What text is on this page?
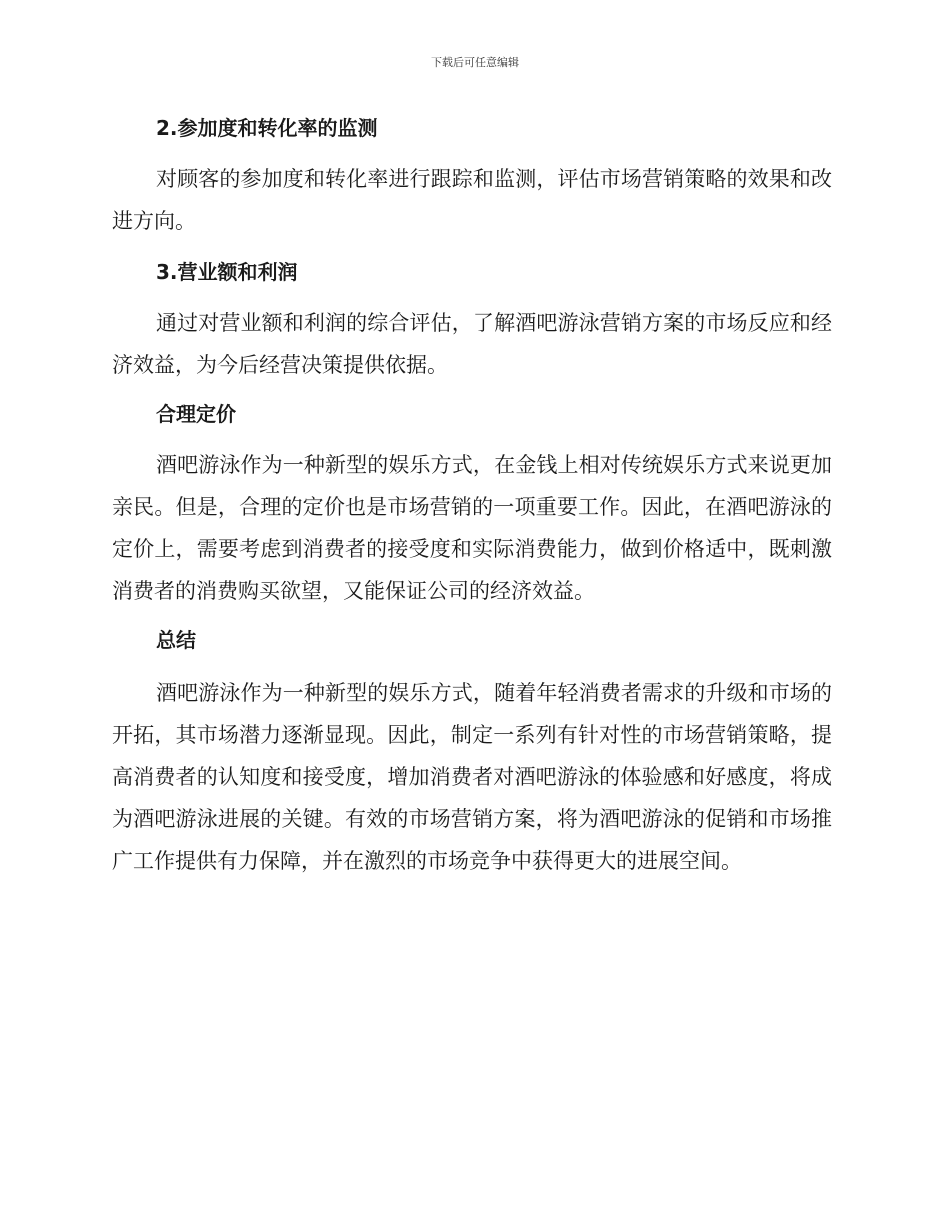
下载后可任意编辑
2.参加度和转化率的监测

对顾客的参加度和转化率进行跟踪和监测，评估市场营销策略的效果和改进方向。

3.营业额和利润

通过对营业额和利润的综合评估，了解酒吧游泳营销方案的市场反应和经济效益，为今后经营决策提供依据。

合理定价

酒吧游泳作为一种新型的娱乐方式，在金钱上相对传统娱乐方式来说更加亲民。但是，合理的定价也是市场营销的一项重要工作。因此，在酒吧游泳的定价上，需要考虑到消费者的接受度和实际消费能力，做到价格适中，既刺激消费者的消费购买欲望，又能保证公司的经济效益。

总结

酒吧游泳作为一种新型的娱乐方式，随着年轻消费者需求的升级和市场的开拓，其市场潜力逐渐显现。因此，制定一系列有针对性的市场营销策略，提高消费者的认知度和接受度，增加消费者对酒吧游泳的体验感和好感度，将成为酒吧游泳进展的关键。有效的市场营销方案，将为酒吧游泳的促销和市场推广工作提供有力保障，并在激烈的市场竞争中获得更大的进展空间。
